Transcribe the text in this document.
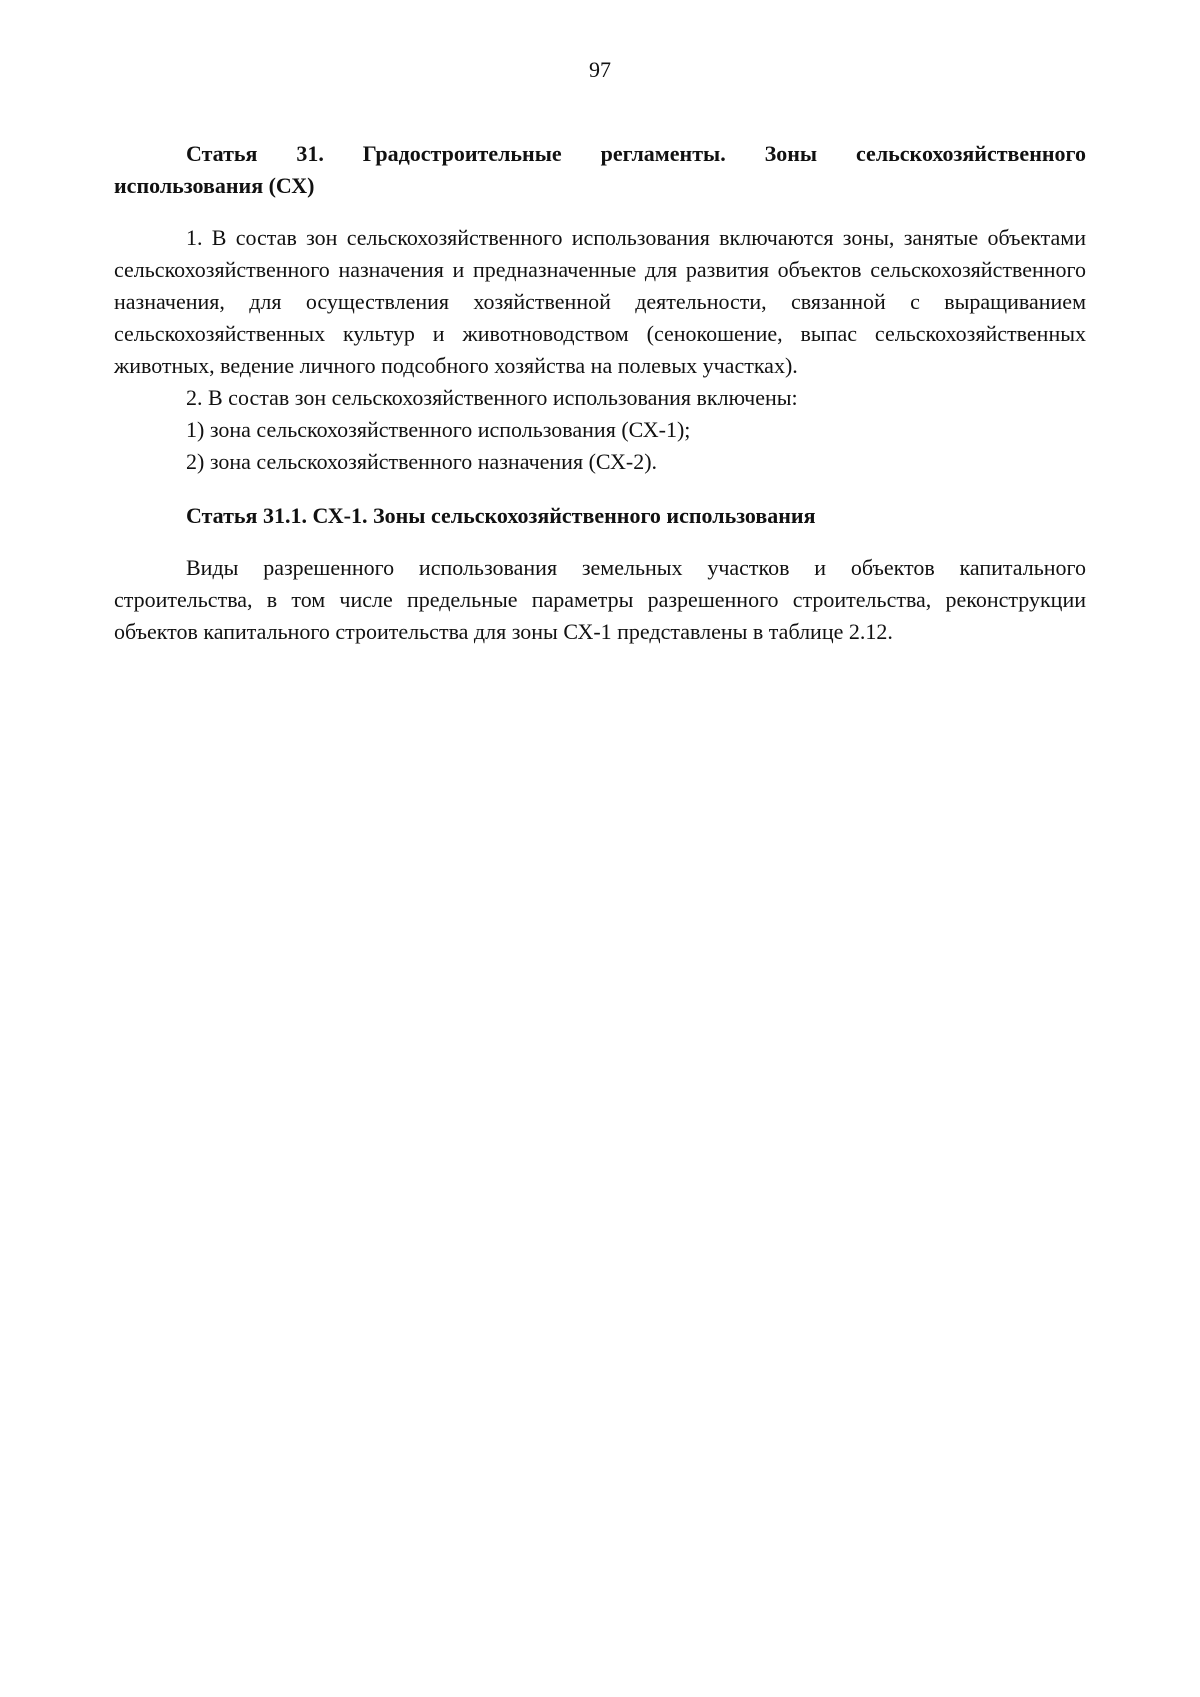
97
Статья 31. Градостроительные регламенты. Зоны сельскохозяйственного
использования (СХ)

1. В состав зон сельскохозяйственного использования включаются зоны, занятые объектами сельскохозяйственного назначения и предназначенные для развития объектов сельскохозяйственного назначения, для осуществления хозяйственной деятельности, связанной с выращиванием сельскохозяйственных культур и животноводством (сенокошение, выпас сельскохозяйственных животных, ведение личного подсобного хозяйства на полевых участках).

2. В состав зон сельскохозяйственного использования включены:

1) зона сельскохозяйственного использования (СХ-1);

2) зона сельскохозяйственного назначения (СХ-2).

Статья 31.1. СХ-1. Зоны сельскохозяйственного использования

Виды разрешенного использования земельных участков и объектов капитального строительства, в том числе предельные параметры разрешенного строительства, реконструкции объектов капитального строительства для зоны СХ-1 представлены в таблице 2.12.
